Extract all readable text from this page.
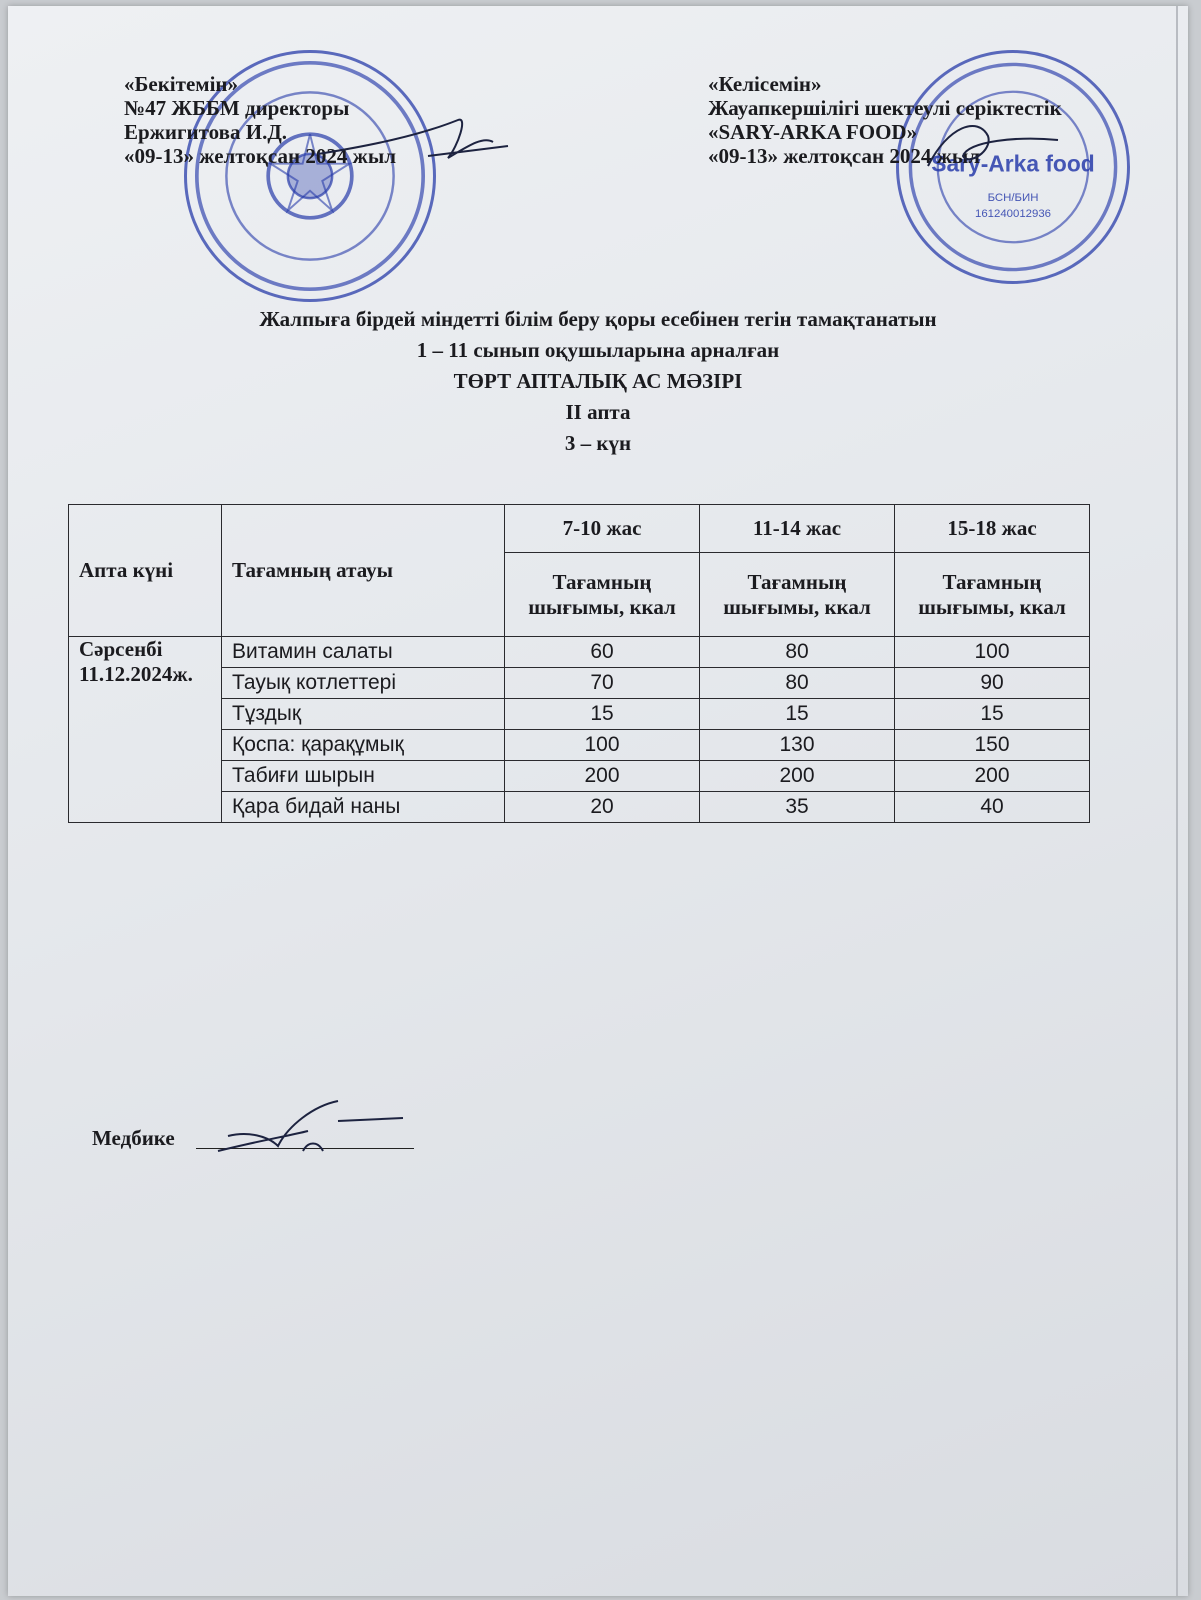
Sary-Arka food
БСН/БИН
161240012936
«Бекітемін»
№47 ЖББМ директоры
Ержигитова И.Д.
«09-13» желтоқсан 2024 жыл
«Келісемін»
Жауапкершілігі шектеулі серіктестік
«SARY-ARKA FOOD»
«09-13» желтоқсан 2024 жыл
Жалпыға бірдей міндетті білім беру қоры есебінен тегін тамақтанатын
1 – 11 сынып оқушыларына арналған
ТӨРТ АПТАЛЫҚ АС МӘЗІРІ
ІІ апта
3 – күн
Апта күні	Тағамның атауы	7-10 жас	11-14 жас	15-18 жас
		Тағамның шығымы, ккал	Тағамның шығымы, ккал	Тағамның шығымы, ккал

Сәрсенбі
11.12.2024ж.	Витамин салаты	60	80	100
	Тауық котлеттері	70	80	90
	Тұздық	15	15	15
	Қоспа: қарақұмық	100	130	150
	Табиғи шырын	200	200	200
	Қара бидай наны	20	35	40
Медбике
